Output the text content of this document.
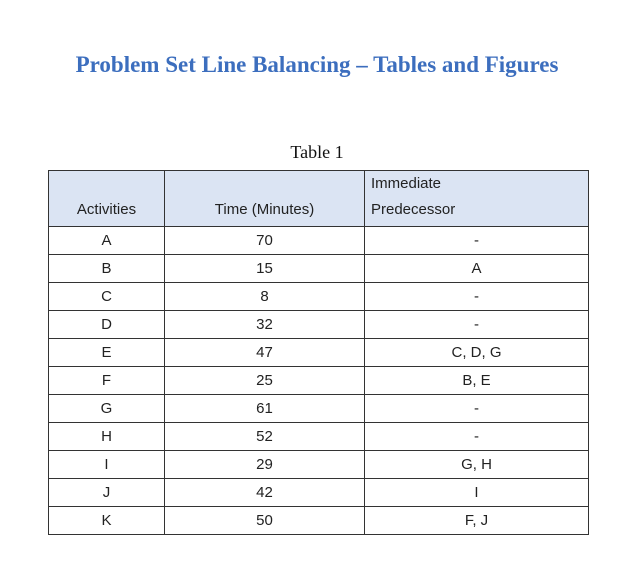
Problem Set Line Balancing – Tables and Figures
Table 1
Activities	Time (Minutes)	Immediate
Predecessor
A	70	-
B	15	A
C	8	-
D	32	-
E	47	C, D, G
F	25	B, E
G	61	-
H	52	-
I	29	G, H
J	42	I
K	50	F, J
